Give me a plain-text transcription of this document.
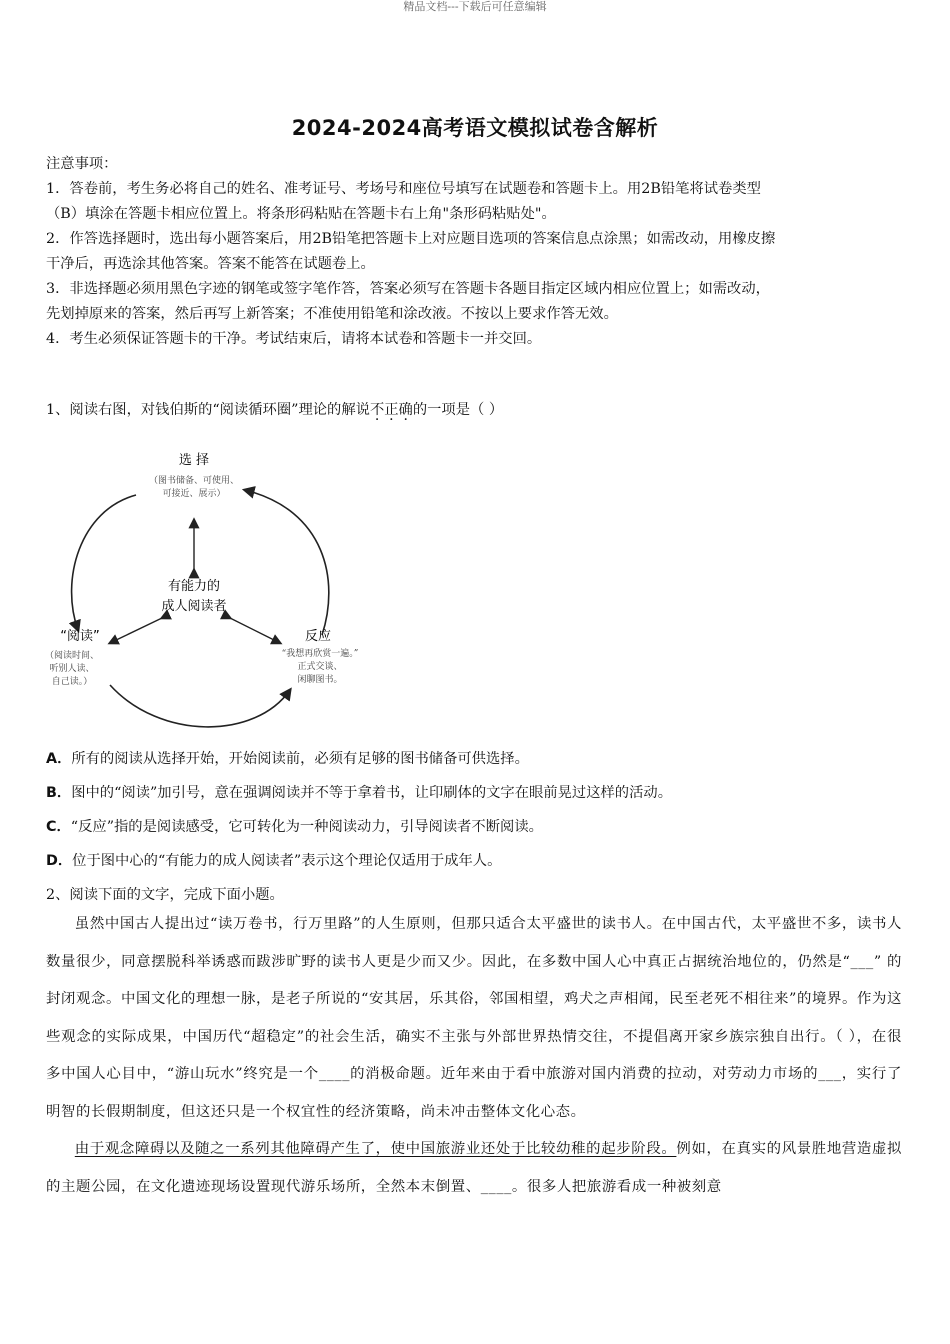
精品文档---下载后可任意编辑
2024-2024高考语文模拟试卷含解析

注意事项：

1．答卷前，考生务必将自己的姓名、准考证号、考场号和座位号填写在试题卷和答题卡上。用2B铅笔将试卷类型

（B）填涂在答题卡相应位置上。将条形码粘贴在答题卡右上角"条形码粘贴处"。

2．作答选择题时，选出每小题答案后，用2B铅笔把答题卡上对应题目选项的答案信息点涂黑；如需改动，用橡皮擦

干净后，再选涂其他答案。答案不能答在试题卷上。

3．非选择题必须用黑色字迹的钢笔或签字笔作答，答案必须写在答题卡各题目指定区域内相应位置上；如需改动，

先划掉原来的答案，然后再写上新答案；不准使用铅笔和涂改液。不按以上要求作答无效。

4．考生必须保证答题卡的干净。考试结束后，请将本试卷和答题卡一并交回。

1、阅读右图，对钱伯斯的“阅读循环圈”理论的解说不正确的一项是（ ）
选 择
（图书储备、可使用、
可接近、展示）
有能力的
成人阅读者
“阅读”
（阅读时间、
听别人读、
自己读。）
反应
“我想再欣赏一遍。”
正式交谈、
闲聊图书。

A．所有的阅读从选择开始，开始阅读前，必须有足够的图书储备可供选择。

B．图中的“阅读”加引号，意在强调阅读并不等于拿着书，让印刷体的文字在眼前晃过这样的活动。

C．“反应”指的是阅读感受，它可转化为一种阅读动力，引导阅读者不断阅读。

D．位于图中心的“有能力的成人阅读者”表示这个理论仅适用于成年人。

2、阅读下面的文字，完成下面小题。

虽然中国古人提出过“读万卷书，行万里路”的人生原则，但那只适合太平盛世的读书人。在中国古代，太平盛世不多，读书人数量很少，同意摆脱科举诱惑而跋涉旷野的读书人更是少而又少。因此，在多数中国人心中真正占据统治地位的，仍然是“___” 的封闭观念。中国文化的理想一脉，是老子所说的“安其居，乐其俗，邻国相望，鸡犬之声相闻，民至老死不相往来”的境界。作为这些观念的实际成果，中国历代“超稳定”的社会生活，确实不主张与外部世界热情交往，不提倡离开家乡族宗独自出行。（ ），在很多中国人心目中，“游山玩水”终究是一个____的消极命题。近年来由于看中旅游对国内消费的拉动，对劳动力市场的___，实行了明智的长假期制度，但这还只是一个权宜性的经济策略，尚未冲击整体文化心态。

由于观念障碍以及随之一系列其他障碍产生了，使中国旅游业还处于比较幼稚的起步阶段。例如，在真实的风景胜地营造虚拟的主题公园，在文化遗迹现场设置现代游乐场所，全然本末倒置、____。很多人把旅游看成一种被刻意
